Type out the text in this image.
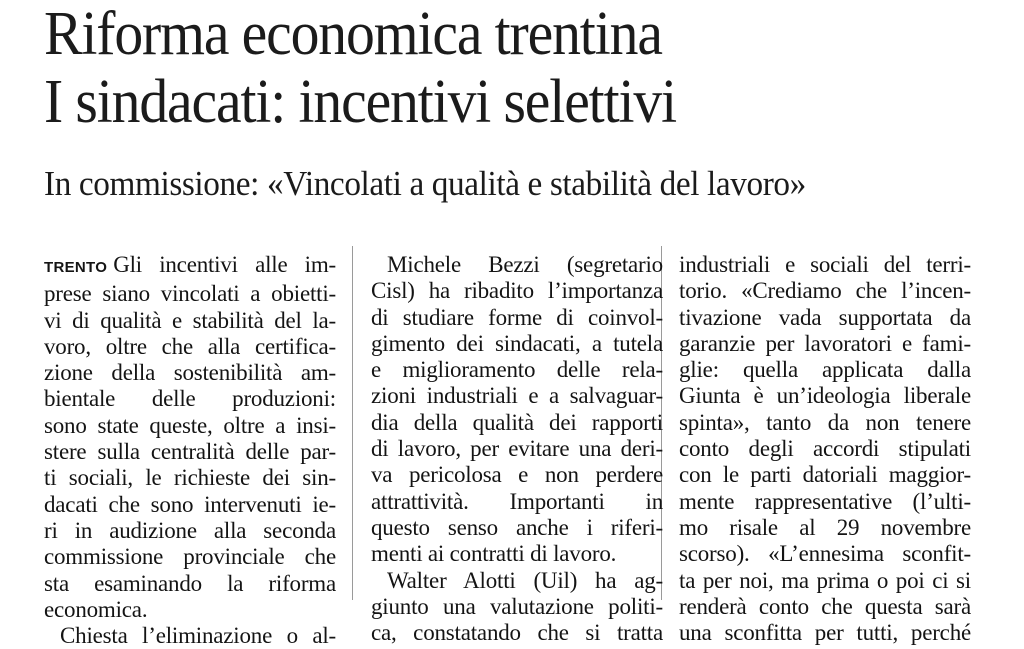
Riforma economica trentina
I sindacati: incentivi selettivi
In commissione: «Vincolati a qualità e stabilità del lavoro»
TRENTO Gli incentivi alle im-
prese siano vincolati a obietti-
vi di qualità e stabilità del la-
voro, oltre che alla certifica-
zione della sostenibilità am-
bientale delle produzioni:
sono state queste, oltre a insi-
stere sulla centralità delle par-
ti sociali, le richieste dei sin-
dacati che sono intervenuti ie-
ri in audizione alla seconda
commissione provinciale che
sta esaminando la riforma
economica.
Chiesta l’eliminazione o al-
Michele Bezzi (segretario
Cisl) ha ribadito l’importanza
di studiare forme di coinvol-
gimento dei sindacati, a tutela
e miglioramento delle rela-
zioni industriali e a salvaguar-
dia della qualità dei rapporti
di lavoro, per evitare una deri-
va pericolosa e non perdere
attrattività. Importanti in
questo senso anche i riferi-
menti ai contratti di lavoro.
Walter Alotti (Uil) ha ag-
giunto una valutazione politi-
ca, constatando che si tratta
industriali e sociali del terri-
torio. «Crediamo che l’incen-
tivazione vada supportata da
garanzie per lavoratori e fami-
glie: quella applicata dalla
Giunta è un’ideologia liberale
spinta», tanto da non tenere
conto degli accordi stipulati
con le parti datoriali maggior-
mente rappresentative (l’ulti-
mo risale al 29 novembre
scorso). «L’ennesima sconfit-
ta per noi, ma prima o poi ci si
renderà conto che questa sarà
una sconfitta per tutti, perché
